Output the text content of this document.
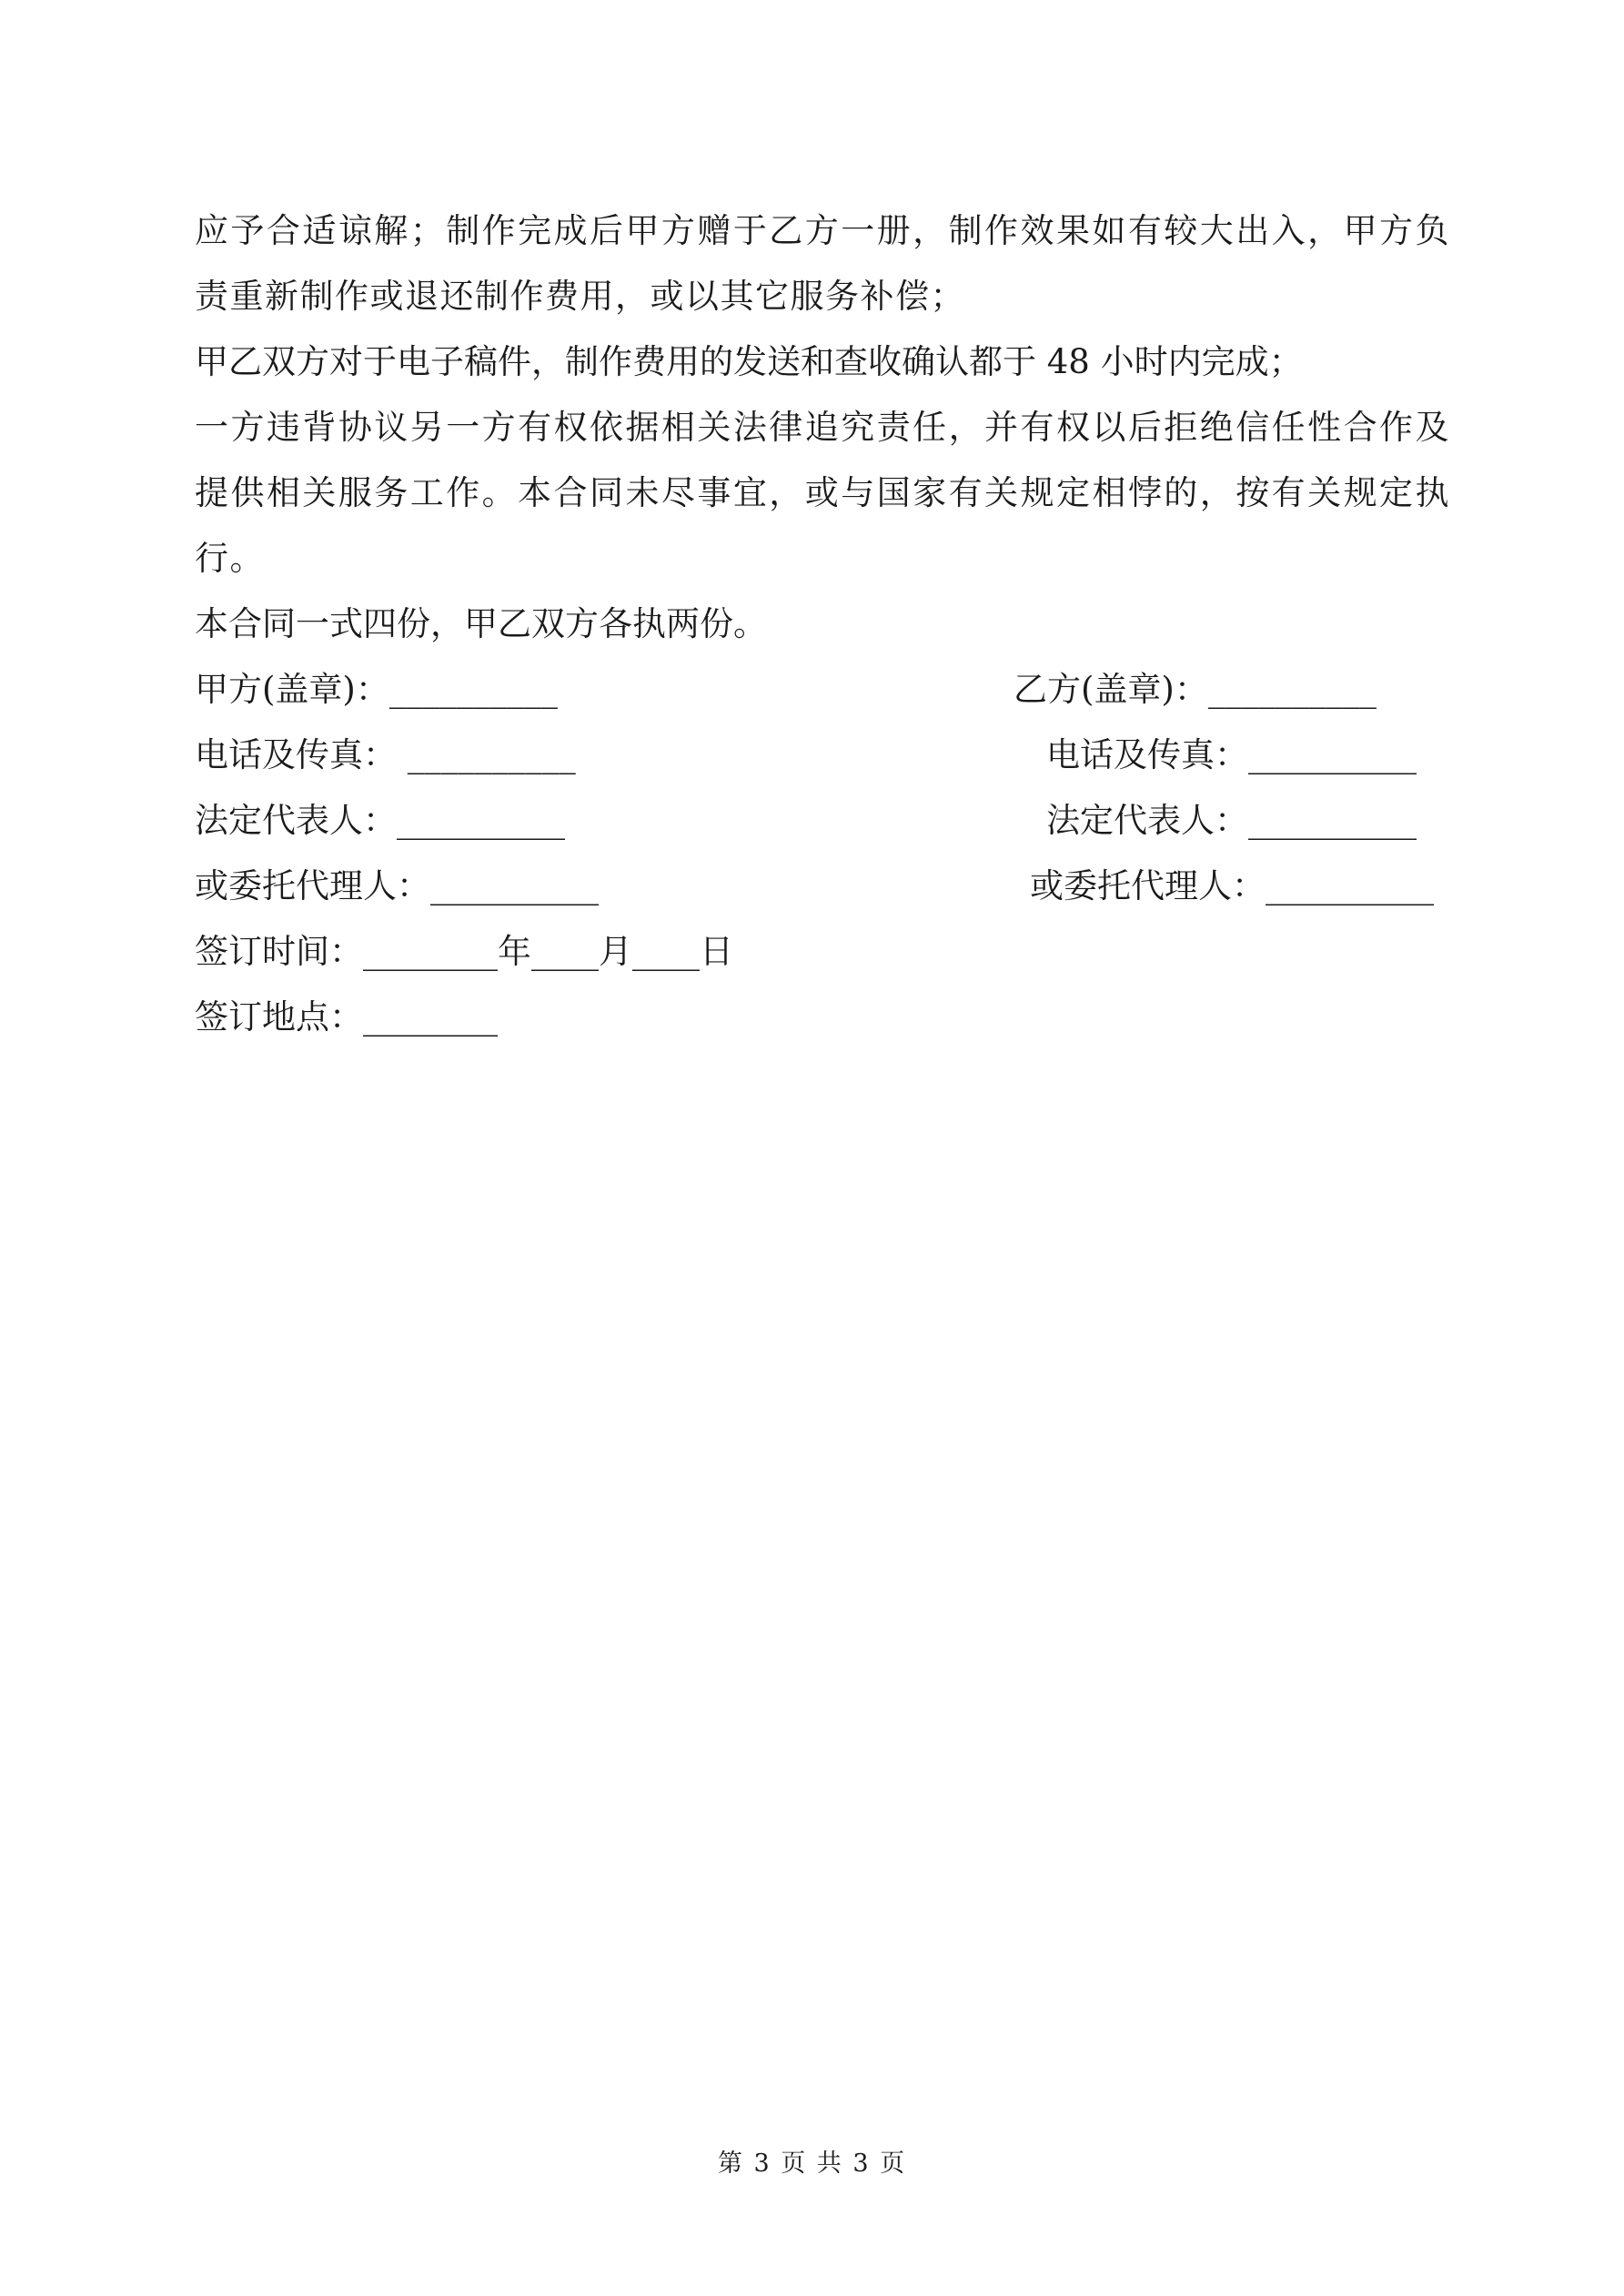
应予合适谅解；制作完成后甲方赠于乙方一册，制作效果如有较大出入，甲方负责重新制作或退还制作费用，或以其它服务补偿；

甲乙双方对于电子稿件，制作费用的发送和查收确认都于 48 小时内完成；

一方违背协议另一方有权依据相关法律追究责任，并有权以后拒绝信任性合作及提供相关服务工作。本合同未尽事宜，或与国家有关规定相悖的，按有关规定执行。

本合同一式四份，甲乙双方各执两份。

甲方(盖章)：__________	乙方(盖章)：__________
电话及传真： __________	电话及传真：__________
法定代表人：__________	法定代表人：__________
或委托代理人：__________	或委托代理人：__________

签订时间：________年____月____日

签订地点：________

第 3 页 共 3 页
